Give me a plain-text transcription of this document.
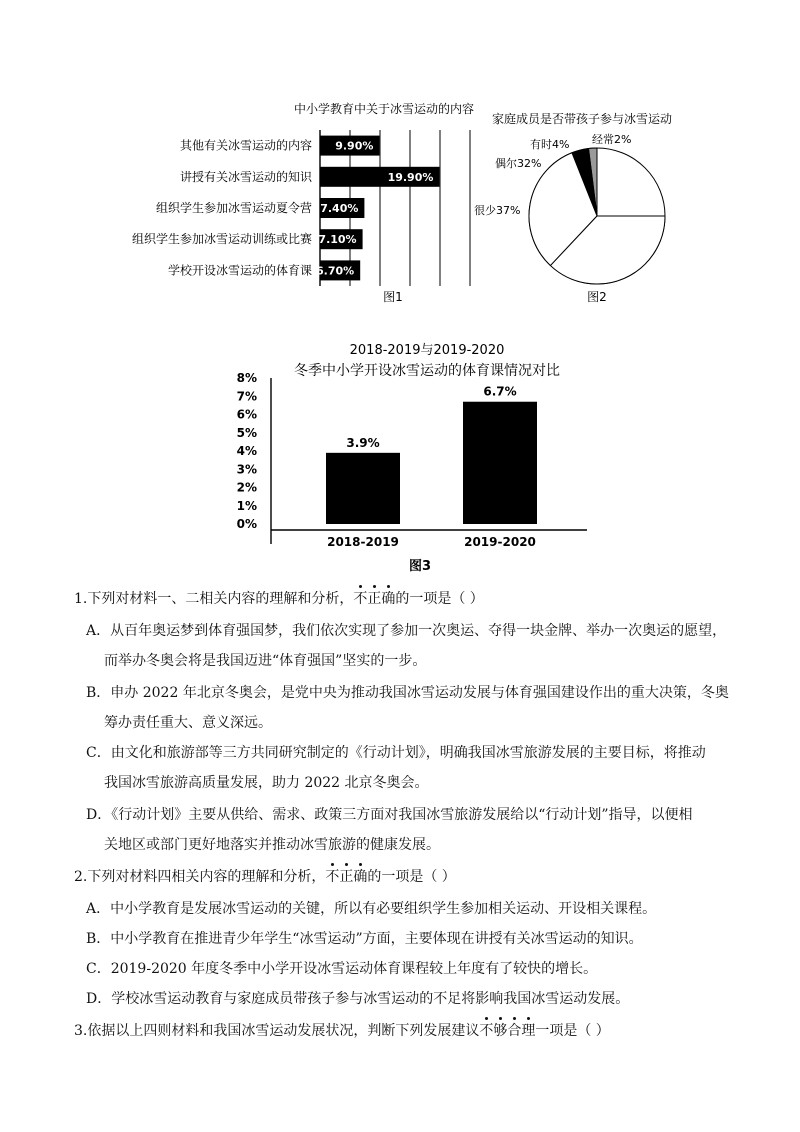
中小学教育中关于冰雪运动的内容
其他有关冰雪运动的内容 9.90%
讲授有关冰雪运动的知识	19.90%
组织学生参加冰雪运动夏令营 7.40%
组织学生参加冰雪运动训练或比赛 7.10%
学校开设冰雪运动的体育课 6.70%
图1
家庭成员是否带孩子参与冰雪运动
经常2%
有时4%
偶尔32%
很少37%
图2
2018-2019与2019-2020
冬季中小学开设冰雪运动的体育课情况对比
0%
1%
2%
3%
4%
5%
6%
7%
8%
3.9%
2018-2019
6.7%
2019-2020
图3
1.下列对材料一、二相关内容的理解和分析，不正确的一项是（ ）
A．从百年奥运梦到体育强国梦，我们依次实现了参加一次奥运、夺得一块金牌、举办一次奥运的愿望，
而举办冬奥会将是我国迈进“体育强国”坚实的一步。
B．申办 2022 年北京冬奥会，是党中央为推动我国冰雪运动发展与体育强国建设作出的重大决策，冬奥
筹办责任重大、意义深远。
C．由文化和旅游部等三方共同研究制定的《行动计划》，明确我国冰雪旅游发展的主要目标，将推动
我国冰雪旅游高质量发展，助力 2022 北京冬奥会。
D．《行动计划》主要从供给、需求、政策三方面对我国冰雪旅游发展给以“行动计划”指导，以便相
关地区或部门更好地落实并推动冰雪旅游的健康发展。
2.下列对材料四相关内容的理解和分析，不正确的一项是（ ）
A．中小学教育是发展冰雪运动的关键，所以有必要组织学生参加相关运动、开设相关课程。
B．中小学教育在推进青少年学生“冰雪运动”方面，主要体现在讲授有关冰雪运动的知识。
C．2019-2020 年度冬季中小学开设冰雪运动体育课程较上年度有了较快的增长。
D．学校冰雪运动教育与家庭成员带孩子参与冰雪运动的不足将影响我国冰雪运动发展。
3.依据以上四则材料和我国冰雪运动发展状况，判断下列发展建议不够合理一项是（ ）
